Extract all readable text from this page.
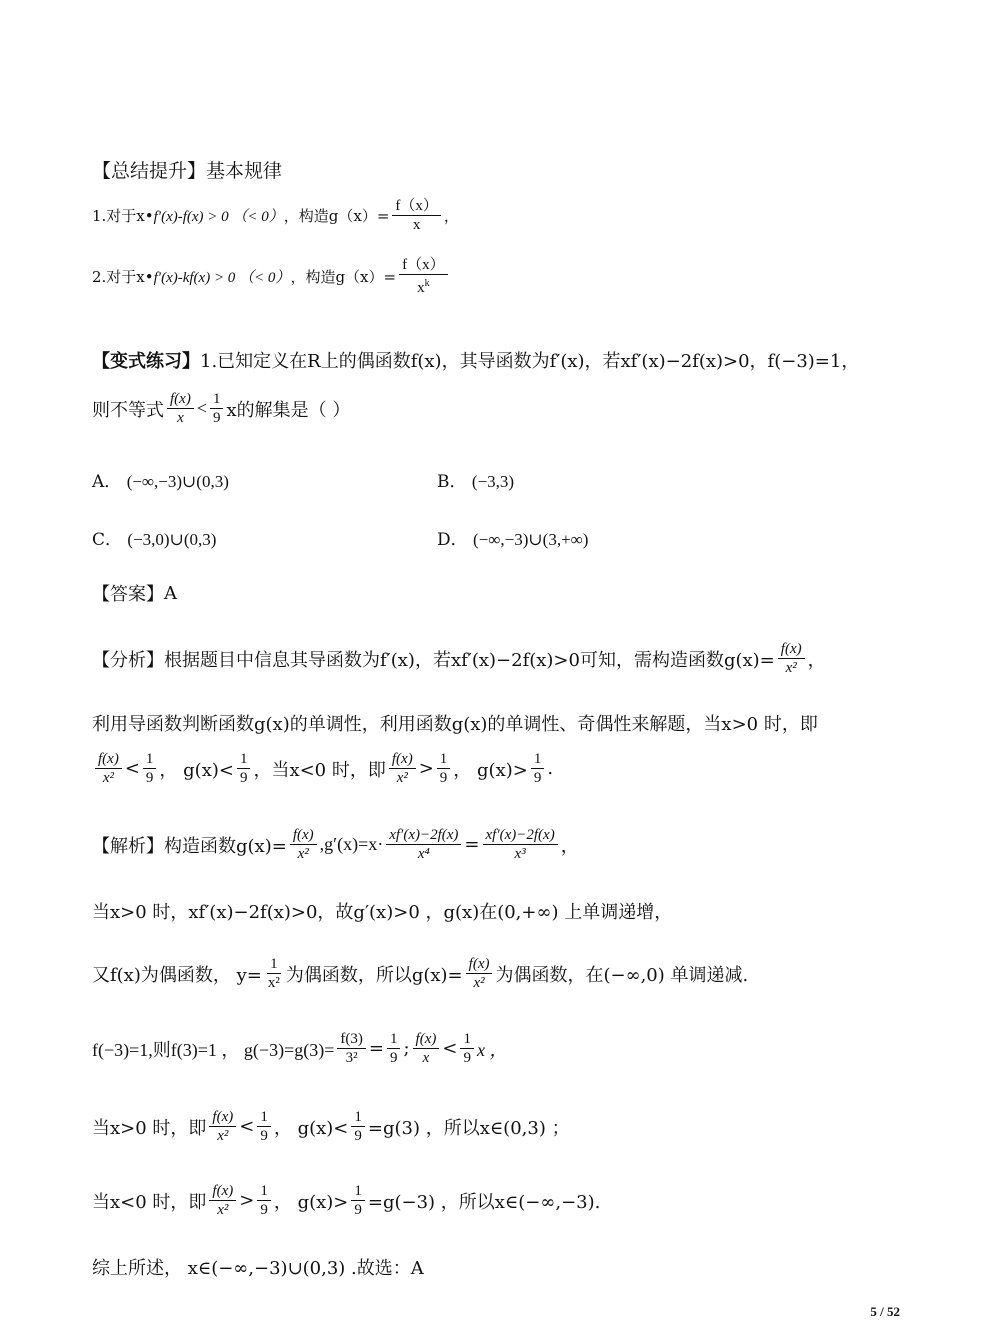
【总结提升】基本规律
1.对于x• f′(x)-f(x) > 0 （< 0） ，构造$g(x)= \frac{f(x)}{x}$ ，
2.对于x• f′(x)-kf(x) > 0 （< 0） ，构造$g(x)= \frac{f(x)}{x^k}$
【变式练习】 1.已知定义在R上的偶函数f(x)，其导函数为f′(x)，若xf′(x)−2f(x)>0，f(−3)=1，
则不等式 $\frac{f(x)}{x} < \frac{1}{9}$ x的解集是（ ）
A． (−∞,−3)∪(0,3)	B． (−3,3)
C． (−3,0)∪(0,3)	D． (−∞,−3)∪(3,+∞)
【答案】 A
【分析】 根据题目中信息其导函数为f′(x)，若xf′(x)−2f(x)>0可知，需构造函数$g(x)= \frac{f(x)}{\text{x²}}$ ，
利用导函数判断函数g(x)的单调性，利用函数g(x)的单调性、奇偶性来解题，当x>0 时，即
$\frac{f(x)}{\text{x²}} < \frac{1}{9}$ ， $g(x)< \frac{1}{9}$ ，当x<0 时，即 $\frac{f(x)}{\text{x²}} > \frac{1}{9}$ ， $g(x)> \frac{1}{9}$ .
【解析】 构造函数$g(x)= \frac{f(x)}{\text{x²}} ,g'(x)=x\cdot \frac{xf'(x)-2f(x)}{\text{x⁴}} = \frac{xf'(x)-2f(x)}{\text{x³}}$ ，
当x>0 时，xf′(x)−2f(x)>0，故g′(x)>0 ，g(x)在(0,+∞) 上单调递增，
又f(x)为偶函数， $y= \frac{1}{\text{x²}}$ 为偶函数，所以$g(x)= \frac{f(x)}{\text{x²}}$ 为偶函数，在(−∞,0) 单调递减.
f(−3)=1,则f(3)=1 ， $g(-3)=g(3)= \frac{f(3)}{\text{3²}} = \frac{1}{9}$ ; $\frac{f(x)}{x} < \frac{1}{9}$ x ，
当x>0 时，即 $\frac{f(x)}{\text{x²}} < \frac{1}{9}$ ， $g(x)< \frac{1}{9} =g(3)$ ，所以x∈(0,3) ；
当x<0 时，即 $\frac{f(x)}{\text{x²}} > \frac{1}{9}$ ， $g(x)> \frac{1}{9} =g(-3)$ ，所以x∈(−∞,−3).
综上所述， x∈(−∞,−3)∪(0,3) .故选：A
5 / 52
